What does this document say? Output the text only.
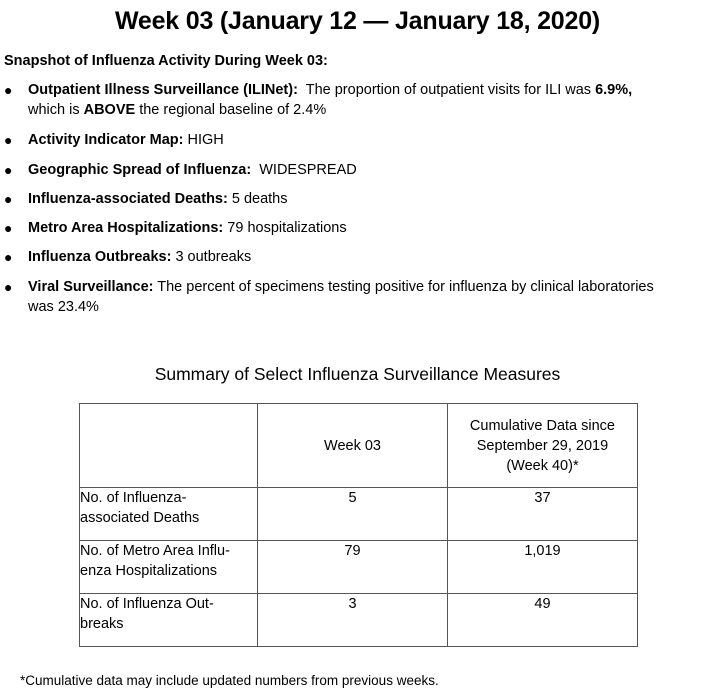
Week 03 (January 12 — January 18, 2020)
Snapshot of Influenza Activity During Week 03:
● Outpatient Illness Surveillance (ILINet): The proportion of outpatient visits for ILI was 6.9%,
which is ABOVE the regional baseline of 2.4%
● Activity Indicator Map: HIGH
● Geographic Spread of Influenza: WIDESPREAD
● Influenza-associated Deaths: 5 deaths
● Metro Area Hospitalizations: 79 hospitalizations
● Influenza Outbreaks: 3 outbreaks
● Viral Surveillance: The percent of specimens testing positive for influenza by clinical laboratories
was 23.4%
Summary of Select Influenza Surveillance Measures
	Week 03	Cumulative Data since September 29, 2019 (Week 40)*
No. of Influenza-
associated Deaths	5	37
No. of Metro Area Influ-
enza Hospitalizations	79	1,019
No. of Influenza Out-
breaks	3	49
*Cumulative data may include updated numbers from previous weeks.
